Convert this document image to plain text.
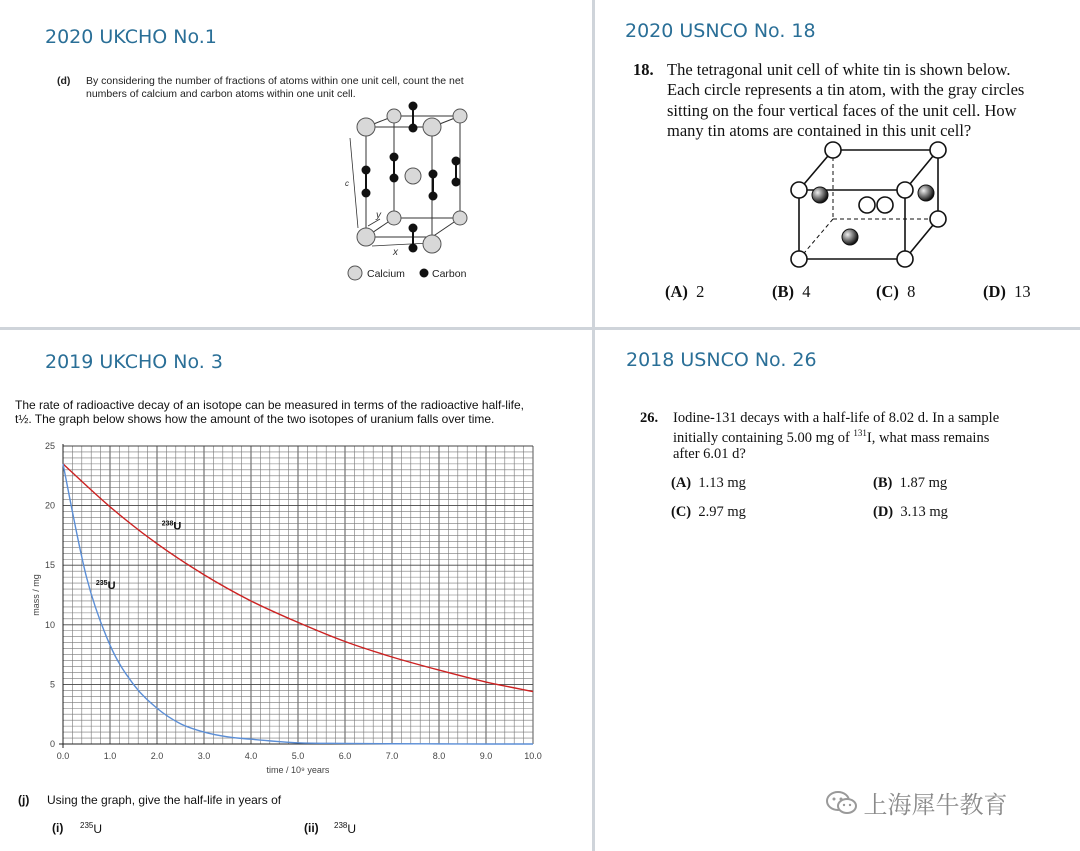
2020 UKCHO No.1
(d) By considering the number of fractions of atoms within one unit cell, count the net
numbers of calcium and carbon atoms within one unit cell.
c
x
y
Calcium	Carbon
2020 USNCO No. 18
18. The tetragonal unit cell of white tin is shown below.
Each circle represents a tin atom, with the gray circles
sitting on the four vertical faces of the unit cell. How
many tin atoms are contained in this unit cell?
(A) 2	(B) 4	(C) 8	(D) 13
2019 UKCHO No. 3
The rate of radioactive decay of an isotope can be measured in terms of the radioactive half-life,
t½. The graph below shows how the amount of the two isotopes of uranium falls over time.
0.0	1.0	2.0	3.0	4.0	5.0	6.0	7.0	8.0	9.0	10.0
0
5
10
15
20
25
time / 10⁹ years
mass / mg
$^{238}$U
$^{235}$U
(j) Using the graph, give the half-life in years of
(i) $^{235}$U	(ii) $^{238}$U
2018 USNCO No. 26
26. Iodine-131 decays with a half-life of 8.02 d. In a sample
initially containing 5.00 mg of $^{131}$I, what mass remains
after 6.01 d?
(A) 1.13 mg	(B) 1.87 mg
(C) 2.97 mg	(D) 3.13 mg
上海犀牛教育
